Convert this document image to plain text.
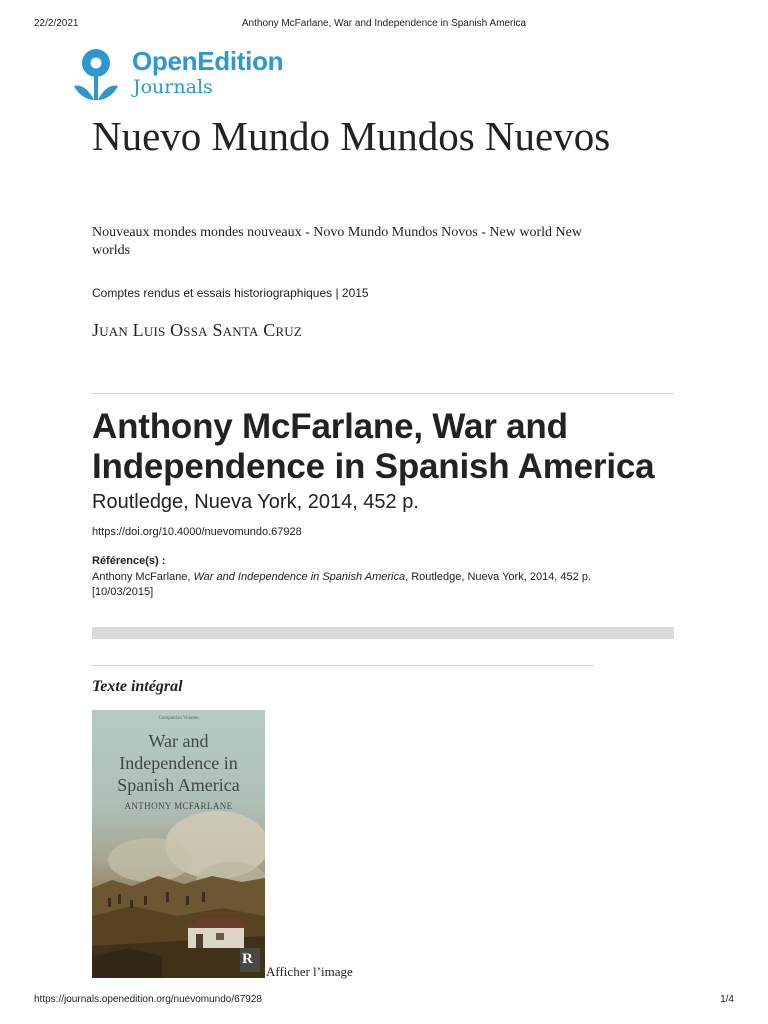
22/2/2021	Anthony McFarlane, War and Independence in Spanish America
OpenEdition
Journals
Nuevo Mundo Mundos Nuevos
Nouveaux mondes mondes nouveaux - Novo Mundo Mundos Novos - New world New worlds
Comptes rendus et essais historiographiques | 2015
Juan Luis Ossa Santa Cruz
Anthony McFarlane, War and Independence in Spanish America
Routledge, Nueva York, 2014, 452 p.
https://doi.org/10.4000/nuevomundo.67928
Référence(s) :
Anthony McFarlane, War and Independence in Spanish America, Routledge, Nueva York, 2014, 452 p.
[10/03/2015]
Texte intégral
Companion Volume
War and Independence in Spanish America
ANTHONY MCFARLANE
R
Afficher l’image
https://journals.openedition.org/nuevomundo/67928	1/4
